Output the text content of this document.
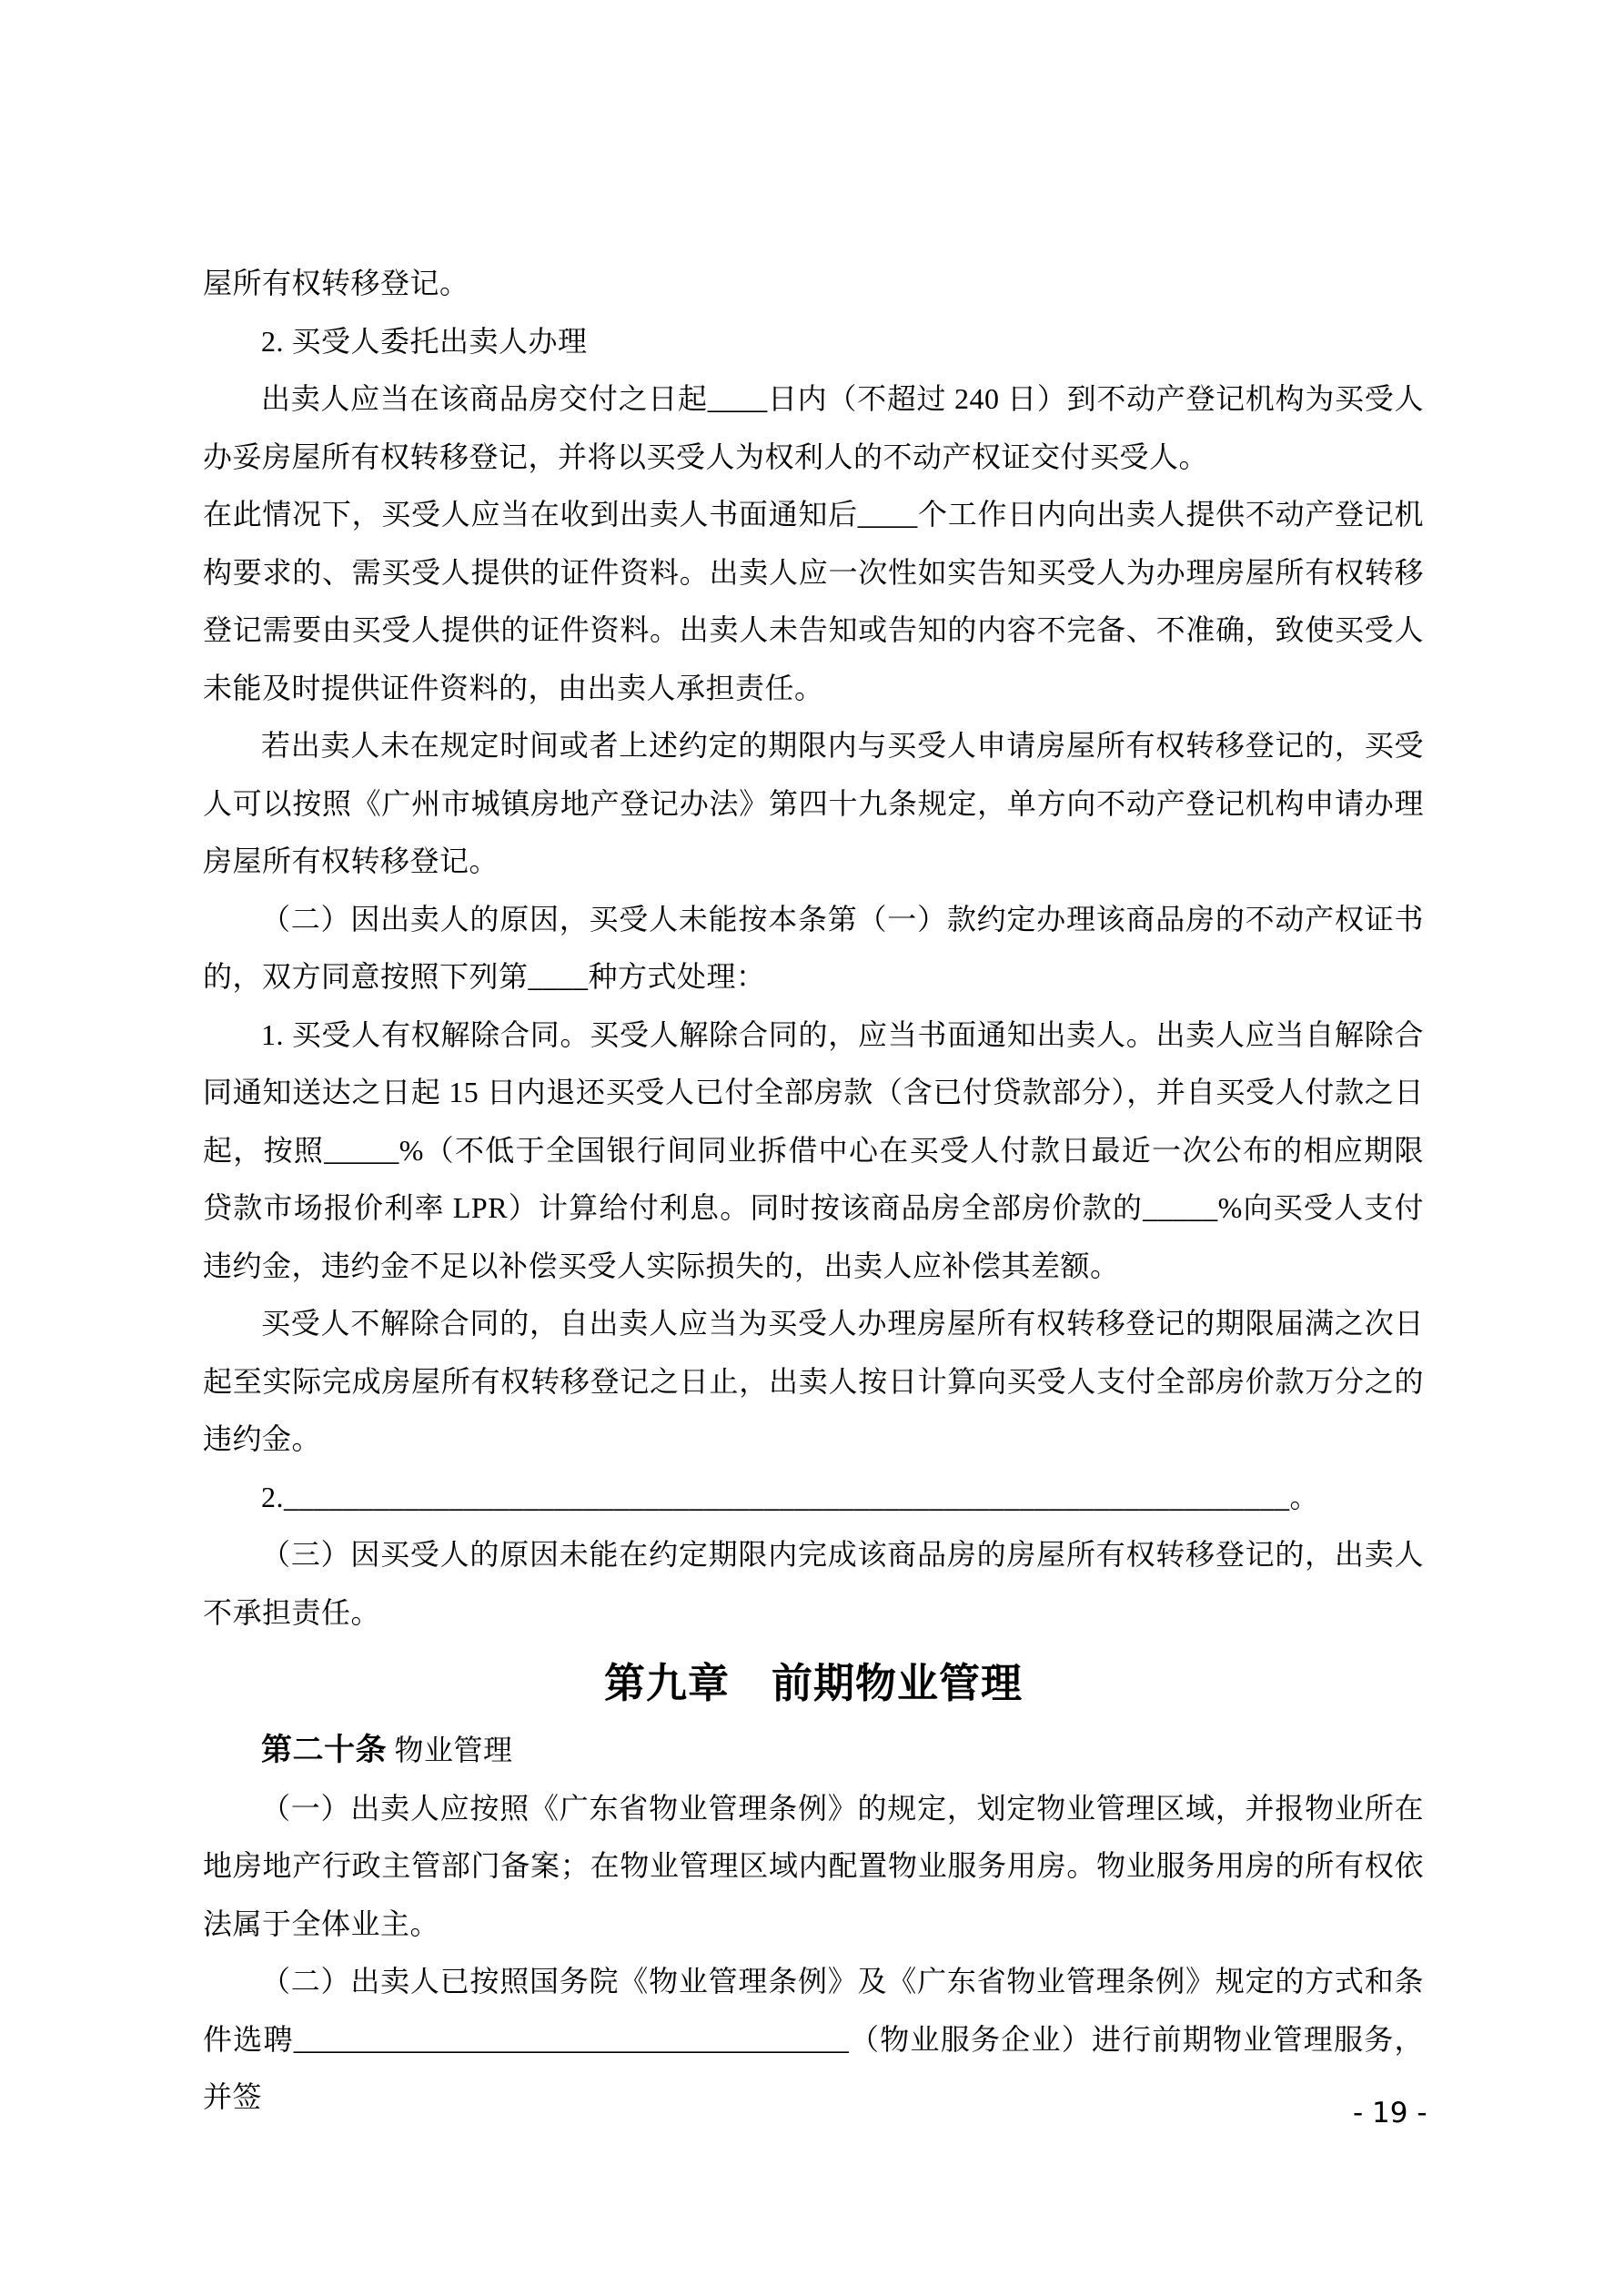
屋所有权转移登记。

2. 买受人委托出卖人办理

出卖人应当在该商品房交付之日起____日内（不超过 240 日）到不动产登记机构为买受人办妥房屋所有权转移登记，并将以买受人为权利人的不动产权证交付买受人。

在此情况下，买受人应当在收到出卖人书面通知后____个工作日内向出卖人提供不动产登记机构要求的、需买受人提供的证件资料。出卖人应一次性如实告知买受人为办理房屋所有权转移登记需要由买受人提供的证件资料。出卖人未告知或告知的内容不完备、不准确，致使买受人未能及时提供证件资料的，由出卖人承担责任。

若出卖人未在规定时间或者上述约定的期限内与买受人申请房屋所有权转移登记的，买受人可以按照《广州市城镇房地产登记办法》第四十九条规定，单方向不动产登记机构申请办理房屋所有权转移登记。

（二）因出卖人的原因，买受人未能按本条第（一）款约定办理该商品房的不动产权证书的，双方同意按照下列第____种方式处理：

1. 买受人有权解除合同。买受人解除合同的，应当书面通知出卖人。出卖人应当自解除合同通知送达之日起 15 日内退还买受人已付全部房款（含已付贷款部分），并自买受人付款之日起，按照_____%（不低于全国银行间同业拆借中心在买受人付款日最近一次公布的相应期限贷款市场报价利率 LPR）计算给付利息。同时按该商品房全部房价款的_____%向买受人支付违约金，违约金不足以补偿买受人实际损失的，出卖人应补偿其差额。

买受人不解除合同的，自出卖人应当为买受人办理房屋所有权转移登记的期限届满之次日起至实际完成房屋所有权转移登记之日止，出卖人按日计算向买受人支付全部房价款万分之的违约金。

2.___________________________________________________________________。

（三）因买受人的原因未能在约定期限内完成该商品房的房屋所有权转移登记的，出卖人不承担责任。

第九章　前期物业管理

第二十条 物业管理

（一）出卖人应按照《广东省物业管理条例》的规定，划定物业管理区域，并报物业所在地房地产行政主管部门备案；在物业管理区域内配置物业服务用房。物业服务用房的所有权依法属于全体业主。

（二）出卖人已按照国务院《物业管理条例》及《广东省物业管理条例》规定的方式和条件选聘_____________________________________（物业服务企业）进行前期物业管理服务，并签	- 19 -
